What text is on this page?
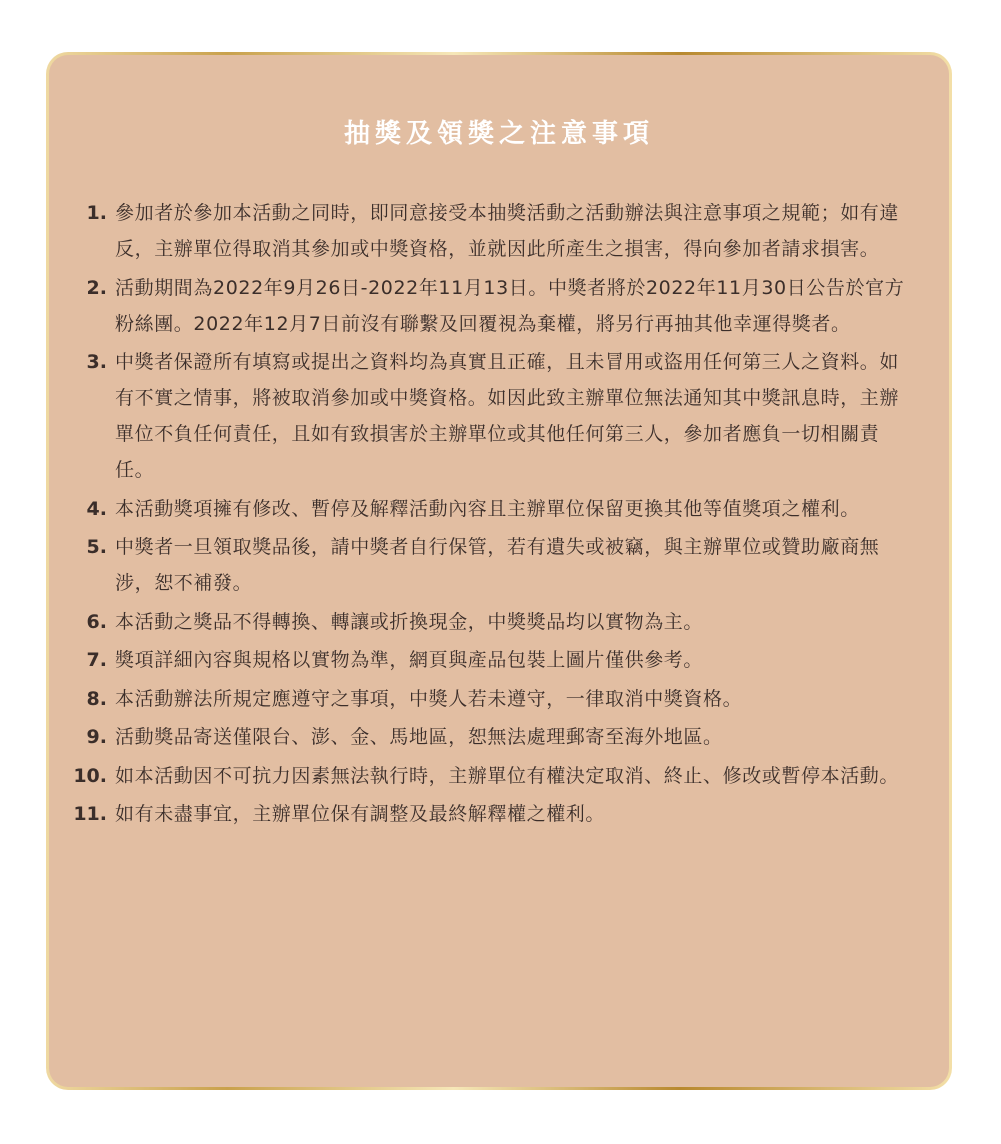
抽獎及領獎之注意事項
1. 參加者於參加本活動之同時，即同意接受本抽獎活動之活動辦法與注意事項之規範；如有違反，主辦單位得取消其參加或中獎資格，並就因此所產生之損害，得向參加者請求損害。
2. 活動期間為2022年9月26日-2022年11月13日。中獎者將於2022年11月30日公告於官方粉絲團。2022年12月7日前沒有聯繫及回覆視為棄權，將另行再抽其他幸運得獎者。
3. 中獎者保證所有填寫或提出之資料均為真實且正確，且未冒用或盜用任何第三人之資料。如有不實之情事，將被取消參加或中獎資格。如因此致主辦單位無法通知其中獎訊息時，主辦單位不負任何責任，且如有致損害於主辦單位或其他任何第三人，參加者應負一切相關責任。
4. 本活動獎項擁有修改、暫停及解釋活動內容且主辦單位保留更換其他等值獎項之權利。
5. 中獎者一旦領取獎品後，請中獎者自行保管，若有遺失或被竊，與主辦單位或贊助廠商無涉，恕不補發。
6. 本活動之獎品不得轉換、轉讓或折換現金，中獎獎品均以實物為主。
7. 獎項詳細內容與規格以實物為準，網頁與產品包裝上圖片僅供參考。
8. 本活動辦法所規定應遵守之事項，中獎人若未遵守，一律取消中獎資格。
9. 活動獎品寄送僅限台、澎、金、馬地區，恕無法處理郵寄至海外地區。
10. 如本活動因不可抗力因素無法執行時，主辦單位有權決定取消、終止、修改或暫停本活動。
11. 如有未盡事宜，主辦單位保有調整及最終解釋權之權利。
